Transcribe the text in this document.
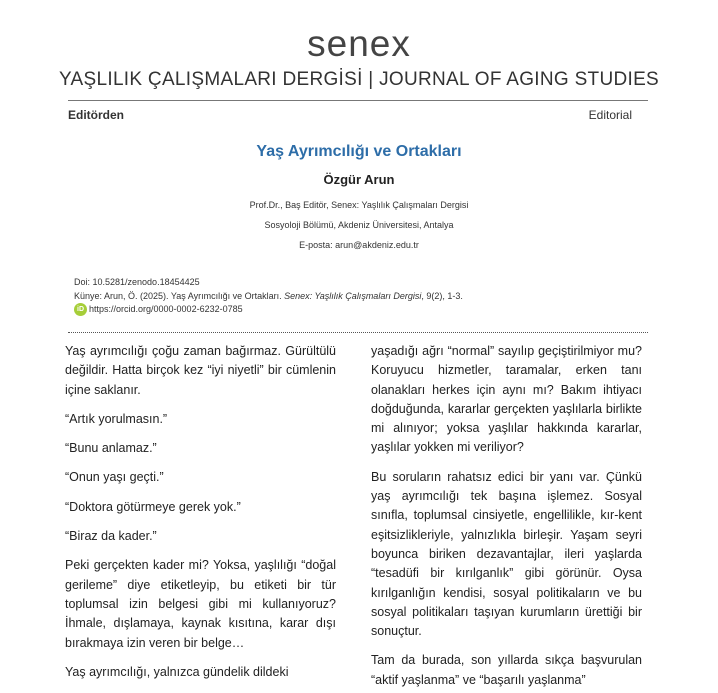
senex
YAŞLILIK ÇALIŞMALARI DERGİSİ | JOURNAL OF AGING STUDIES
Editörden	Editorial
Yaş Ayrımcılığı ve Ortakları
Özgür Arun
Prof.Dr., Baş Editör, Senex: Yaşlılık Çalışmaları Dergisi
Sosyoloji Bölümü, Akdeniz Üniversitesi, Antalya
E-posta: arun@akdeniz.edu.tr
Doi: 10.5281/zenodo.18454425
Künye: Arun, Ö. (2025). Yaş Ayrımcılığı ve Ortakları. Senex: Yaşlılık Çalışmaları Dergisi, 9(2), 1-3.
iD https://orcid.org/0000-0002-6232-0785

Yaş ayrımcılığı çoğu zaman bağırmaz. Gürültülü değildir. Hatta birçok kez “iyi niyetli” bir cümlenin içine saklanır.

“Artık yorulmasın.”

“Bunu anlamaz.”

“Onun yaşı geçti.”

“Doktora götürmeye gerek yok.”

“Biraz da kader.”

Peki gerçekten kader mi? Yoksa, yaşlılığı “doğal gerileme” diye etiketleyip, bu etiketi bir tür toplumsal izin belgesi gibi mi kullanıyoruz? İhmale, dışlamaya, kaynak kısıtına, karar dışı bırakmaya izin veren bir belge…

Yaş ayrımcılığı, yalnızca gündelik dildeki

yaşadığı ağrı “normal” sayılıp geçiştirilmiyor mu? Koruyucu hizmetler, taramalar, erken tanı olanakları herkes için aynı mı? Bakım ihtiyacı doğduğunda, kararlar gerçekten yaşlılarla birlikte mi alınıyor; yoksa yaşlılar hakkında kararlar, yaşlılar yokken mi veriliyor?

Bu soruların rahatsız edici bir yanı var. Çünkü yaş ayrımcılığı tek başına işlemez. Sosyal sınıfla, toplumsal cinsiyetle, engellilikle, kır-kent eşitsizlikleriyle, yalnızlıkla birleşir. Yaşam seyri boyunca biriken dezavantajlar, ileri yaşlarda “tesadüfi bir kırılganlık” gibi görünür. Oysa kırılganlığın kendisi, sosyal politikaların ve bu sosyal politikaları taşıyan kurumların ürettiği bir sonuçtur.

Tam da burada, son yıllarda sıkça başvurulan “aktif yaşlanma” ve “başarılı yaşlanma”
